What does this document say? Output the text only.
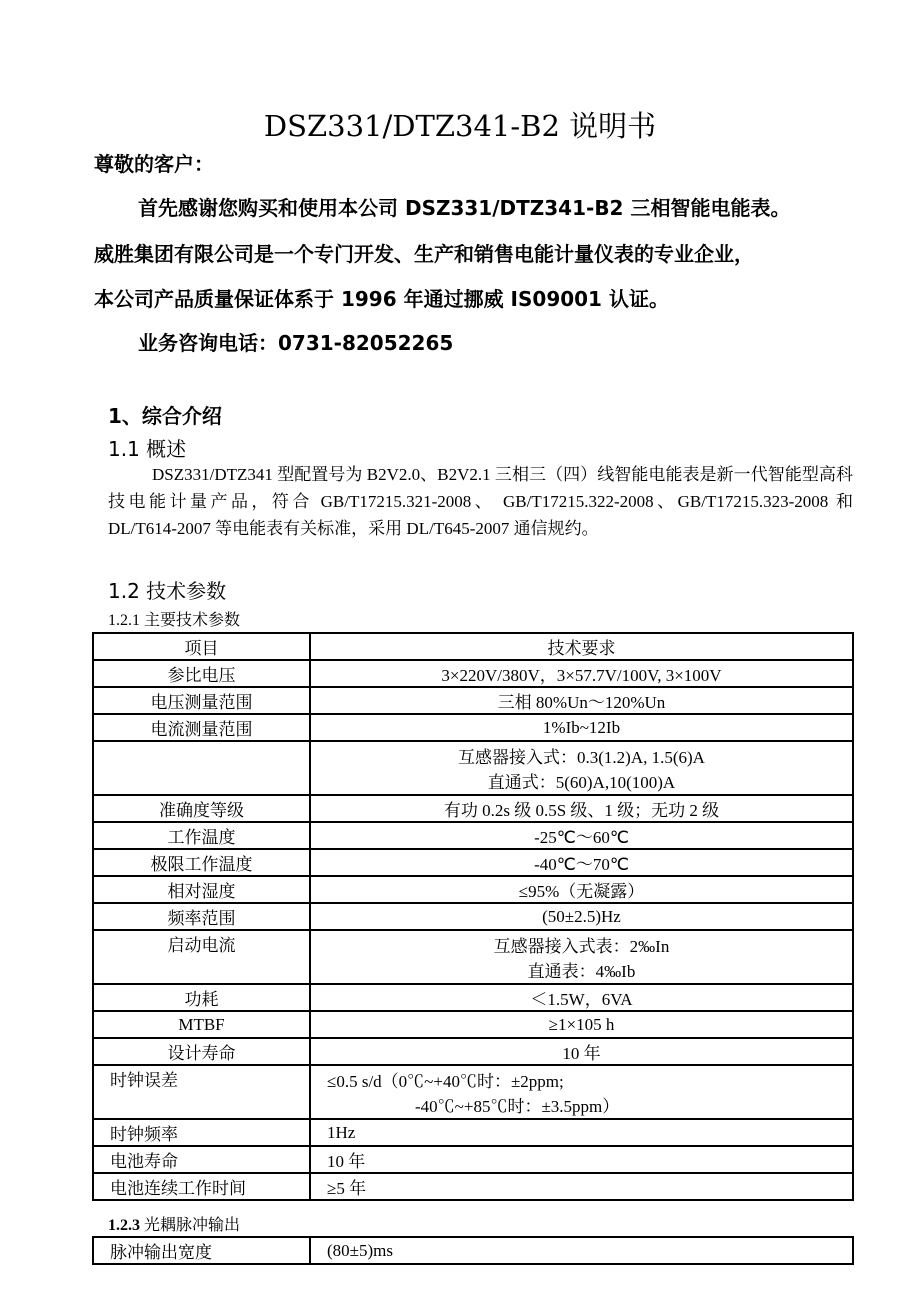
DSZ331/DTZ341-B2 说明书
尊敬的客户：
首先感谢您购买和使用本公司 DSZ331/DTZ341-B2 三相智能电能表。
威胜集团有限公司是一个专门开发、生产和销售电能计量仪表的专业企业，
本公司产品质量保证体系于 1996 年通过挪威 IS09001 认证。
业务咨询电话：0731-82052265
1、综合介绍
1.1 概述
DSZ331/DTZ341 型配置号为 B2V2.0、B2V2.1 三相三（四）线智能电能表是新一代智能型高科技电能计量产品，符合 GB/T17215.321-2008、 GB/T17215.322-2008、GB/T17215.323-2008 和 DL/T614-2007 等电能表有关标准，采用 DL/T645-2007 通信规约。
1.2 技术参数
1.2.1 主要技术参数
项目	技术要求
参比电压	3×220V/380V，3×57.7V/100V, 3×100V

电压测量范围	三相 80%Un～120%Un

电流测量范围	1%Ib~12Ib

	互感器接入式：0.3(1.2)A, 1.5(6)A
直通式：5(60)A,10(100)A

准确度等级	有功 0.2s 级 0.5S 级、1 级；无功 2 级

工作温度	-25℃～60℃

极限工作温度	-40℃～70℃

相对湿度	≤95%（无凝露）

频率范围	(50±2.5)Hz

启动电流	互感器接入式表：2‰In
直通表：4‰Ib

功耗	＜1.5W，6VA

MTBF	≥1×105 h

设计寿命	10 年

时钟误差	≤0.5 s/d（0℃~+40℃时：±2ppm;
-40℃~+85℃时：±3.5ppm）

时钟频率	1Hz

电池寿命	10 年

电池连续工作时间	≥5 年
1.2.3 光耦脉冲输出
脉冲输出宽度	(80±5)ms
